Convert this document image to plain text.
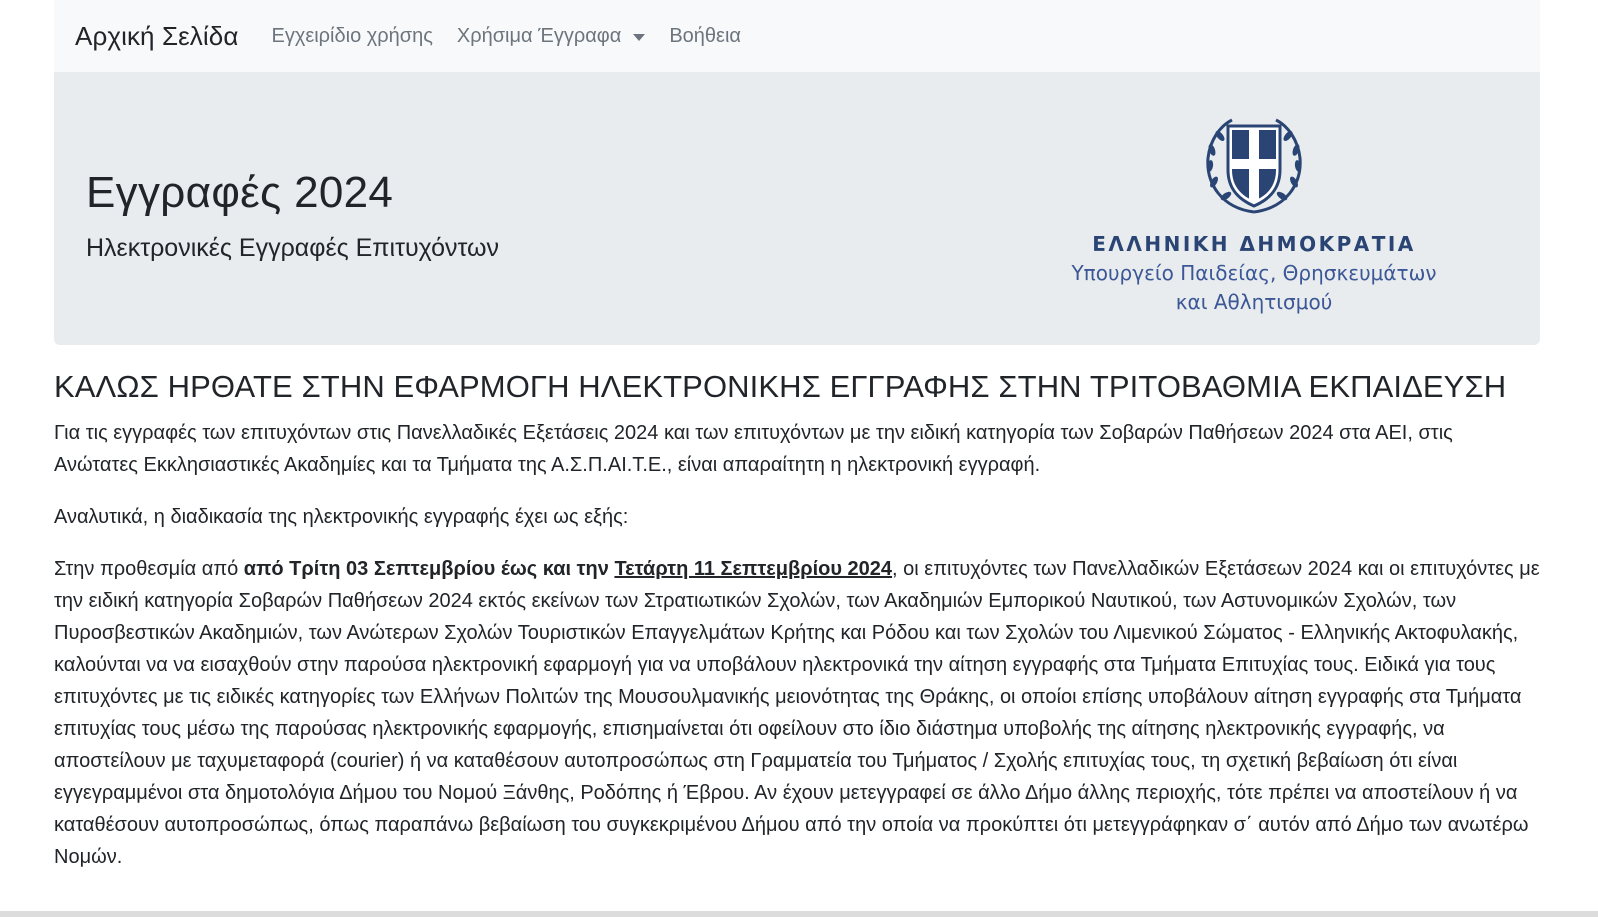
Αρχική Σελίδα Εγχειρίδιο χρήσης Χρήσιμα Έγγραφα Βοήθεια
Εγγραφές 2024

Ηλεκτρονικές Εγγραφές Επιτυχόντων	ΕΛΛΗΝΙΚΗ ΔΗΜΟΚΡΑΤΙΑ
Υπουργείο Παιδείας, Θρησκευμάτων
και Αθλητισμού
ΚΑΛΩΣ ΗΡΘΑΤΕ ΣΤΗΝ ΕΦΑΡΜΟΓΗ ΗΛΕΚΤΡΟΝΙΚΗΣ ΕΓΓΡΑΦΗΣ ΣΤΗΝ ΤΡΙΤΟΒΑΘΜΙΑ ΕΚΠΑΙΔΕΥΣΗ

Για τις εγγραφές των επιτυχόντων στις Πανελλαδικές Εξετάσεις 2024 και των επιτυχόντων με την ειδική κατηγορία των Σοβαρών Παθήσεων 2024 στα ΑΕΙ, στις Ανώτατες Εκκλησιαστικές Ακαδημίες και τα Τμήματα της Α.Σ.Π.ΑΙ.Τ.Ε., είναι απαραίτητη η ηλεκτρονική εγγραφή.

Αναλυτικά, η διαδικασία της ηλεκτρονικής εγγραφής έχει ως εξής:

Στην προθεσμία από από Τρίτη 03 Σεπτεμβρίου έως και την Τετάρτη 11 Σεπτεμβρίου 2024, οι επιτυχόντες των Πανελλαδικών Εξετάσεων 2024 και οι επιτυχόντες με την ειδική κατηγορία Σοβαρών Παθήσεων 2024 εκτός εκείνων των Στρατιωτικών Σχολών, των Ακαδημιών Εμπορικού Ναυτικού, των Αστυνομικών Σχολών, των Πυροσβεστικών Ακαδημιών, των Ανώτερων Σχολών Τουριστικών Επαγγελμάτων Κρήτης και Ρόδου και των Σχολών του Λιμενικού Σώματος - Ελληνικής Ακτοφυλακής, καλούνται να να εισαχθούν στην παρούσα ηλεκτρονική εφαρμογή για να υποβάλουν ηλεκτρονικά την αίτηση εγγραφής στα Τμήματα Επιτυχίας τους. Ειδικά για τους επιτυχόντες με τις ειδικές κατηγορίες των Ελλήνων Πολιτών της Μουσουλμανικής μειονότητας της Θράκης, οι οποίοι επίσης υποβάλουν αίτηση εγγραφής στα Τμήματα επιτυχίας τους μέσω της παρούσας ηλεκτρονικής εφαρμογής, επισημαίνεται ότι οφείλουν στο ίδιο διάστημα υποβολής της αίτησης ηλεκτρονικής εγγραφής, να αποστείλουν με ταχυμεταφορά (courier) ή να καταθέσουν αυτοπροσώπως στη Γραμματεία του Τμήματος / Σχολής επιτυχίας τους, τη σχετική βεβαίωση ότι είναι εγγεγραμμένοι στα δημοτολόγια Δήμου του Νομού Ξάνθης, Ροδόπης ή Έβρου. Αν έχουν μετεγγραφεί σε άλλο Δήμο άλλης περιοχής, τότε πρέπει να αποστείλουν ή να καταθέσουν αυτοπροσώπως, όπως παραπάνω βεβαίωση του συγκεκριμένου Δήμου από την οποία να προκύπτει ότι μετεγγράφηκαν σ΄ αυτόν από Δήμο των ανωτέρω Νομών.
